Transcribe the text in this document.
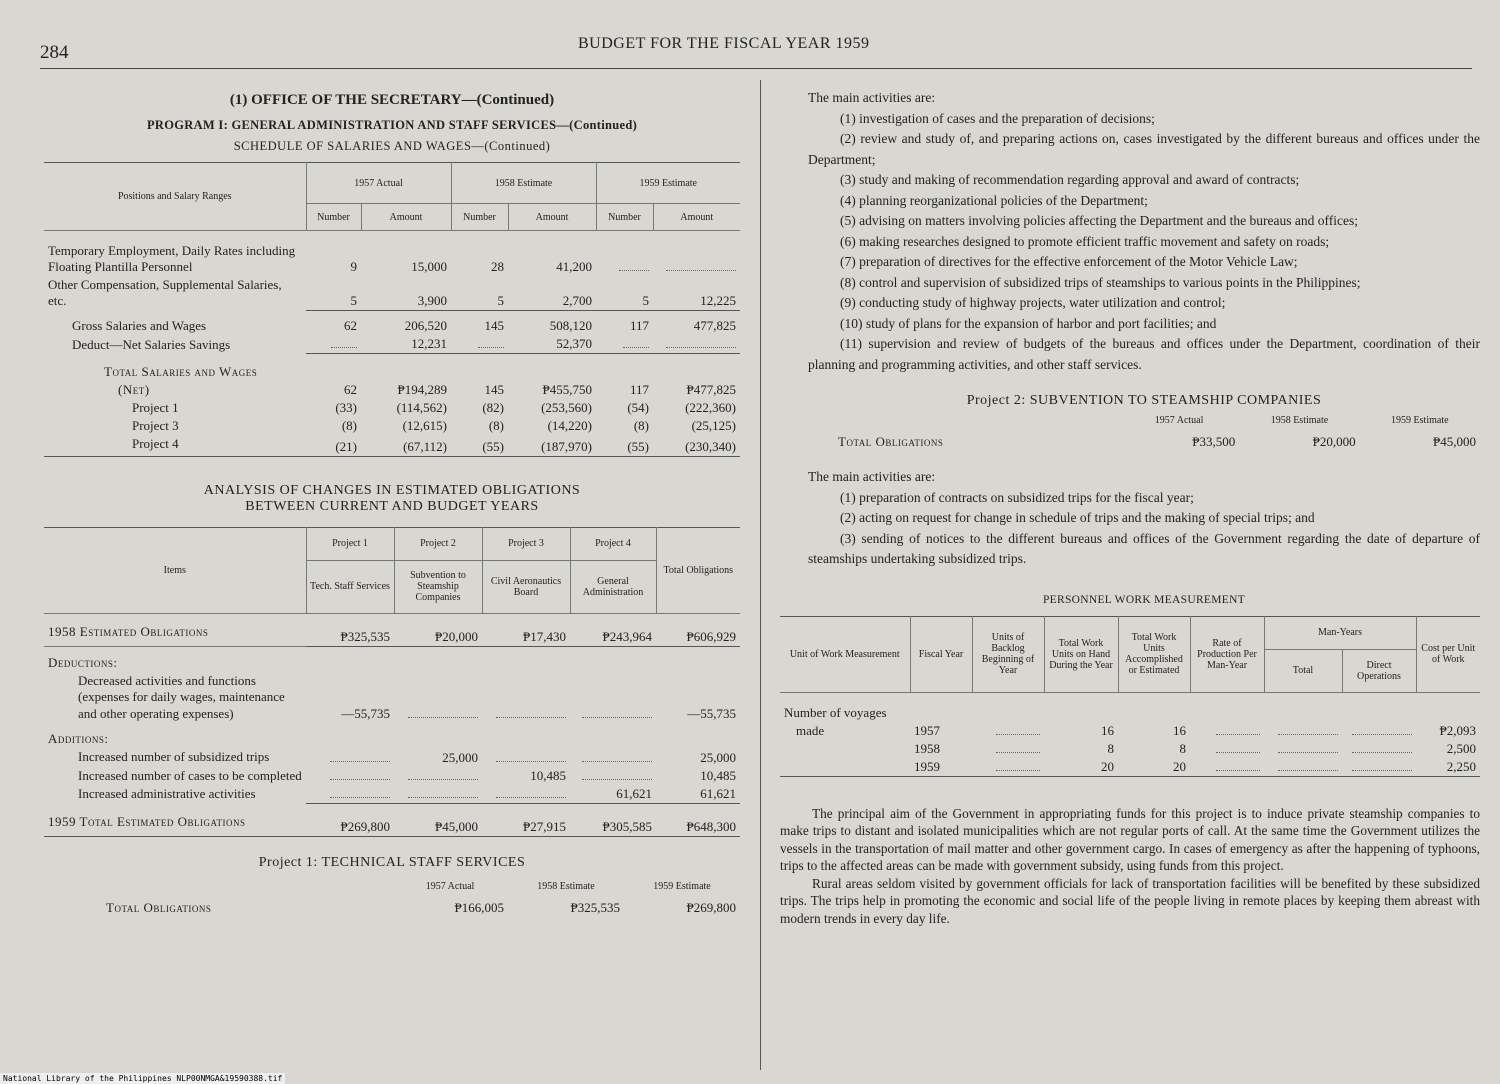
284	BUDGET FOR THE FISCAL YEAR 1959
(1) OFFICE OF THE SECRETARY—(Continued)
PROGRAM I: GENERAL ADMINISTRATION AND STAFF SERVICES—(Continued)
SCHEDULE OF SALARIES AND WAGES—(Continued)
Positions and Salary Ranges	1957 Actual		1958 Estimate		1959 Estimate	
	Number	Amount	Number	Amount	Number	Amount
Temporary Employment, Daily Rates including Floating Plantilla Personnel	9	15,000	28	41,200		
Other Compensation, Supplemental Salaries, etc.	5	3,900	5	2,700	5	12,225
Gross Salaries and Wages	62	206,520	145	508,120	117	477,825
Deduct—Net Salaries Savings		12,231		52,370		
Total Salaries and Wages						
(Net)	62	₱194,289	145	₱455,750	117	₱477,825
Project 1	(33)	(114,562)	(82)	(253,560)	(54)	(222,360)
Project 3	(8)	(12,615)	(8)	(14,220)	(8)	(25,125)
Project 4	(21)	(67,112)	(55)	(187,970)	(55)	(230,340)
ANALYSIS OF CHANGES IN ESTIMATED OBLIGATIONS
BETWEEN CURRENT AND BUDGET YEARS
Items	Project 1	Project 2	Project 3	Project 4	Total Obligations
	Tech. Staff Services	Subvention to Steamship Companies	Civil Aeronautics Board	General Administration	
1958 Estimated Obligations	₱325,535	₱20,000	₱17,430	₱243,964	₱606,929
Deductions:					
Decreased activities and functions (expenses for daily wages, maintenance and other operating expenses)	—55,735				—55,735
Additions:					
Increased number of subsidized trips		25,000			25,000
Increased number of cases to be completed			10,485		10,485
Increased administrative activities				61,621	61,621
1959 Total Estimated Obligations	₱269,800	₱45,000	₱27,915	₱305,585	₱648,300
Project 1: TECHNICAL STAFF SERVICES
	1957 Actual	1958 Estimate	1959 Estimate
Total Obligations	₱166,005	₱325,535	₱269,800

The main activities are:

(1) investigation of cases and the preparation of decisions;

(2) review and study of, and preparing actions on, cases investigated by the different bureaus and offices under the Department;

(3) study and making of recommendation regarding approval and award of contracts;

(4) planning reorganizational policies of the Department;

(5) advising on matters involving policies affecting the Department and the bureaus and offices;

(6) making researches designed to promote efficient traffic movement and safety on roads;

(7) preparation of directives for the effective enforcement of the Motor Vehicle Law;

(8) control and supervision of subsidized trips of steamships to various points in the Philippines;

(9) conducting study of highway projects, water utilization and control;

(10) study of plans for the expansion of harbor and port facilities; and

(11) supervision and review of budgets of the bureaus and offices under the Department, coordination of their planning and programming activities, and other staff services.

Project 2: SUBVENTION TO STEAMSHIP COMPANIES
	1957 Actual	1958 Estimate	1959 Estimate
Total Obligations	₱33,500	₱20,000	₱45,000

The main activities are:

(1) preparation of contracts on subsidized trips for the fiscal year;

(2) acting on request for change in schedule of trips and the making of special trips; and

(3) sending of notices to the different bureaus and offices of the Government regarding the date of departure of steamships undertaking subsidized trips.

PERSONNEL WORK MEASUREMENT
Unit of Work Measurement	Fiscal Year	Units of Backlog Beginning of Year	Total Work Units on Hand During the Year	Total Work Units Accomplished or Estimated	Rate of Production Per Man-Year	Man-Years		Cost per Unit of Work
						Total	Direct Operations	
Number of voyages								
made	1957		16	16				₱2,093
	1958		8	8				2,500
	1959		20	20				2,250

The principal aim of the Government in appropriating funds for this project is to induce private steamship companies to make trips to distant and isolated municipalities which are not regular ports of call. At the same time the Government utilizes the vessels in the transportation of mail matter and other government cargo. In cases of emergency as after the happening of typhoons, trips to the affected areas can be made with government subsidy, using funds from this project.

Rural areas seldom visited by government officials for lack of transportation facilities will be benefited by these subsidized trips. The trips help in promoting the economic and social life of the people living in remote places by keeping them abreast with modern trends in every day life.

National Library of the Philippines NLP00NMGA&19590388.tif
